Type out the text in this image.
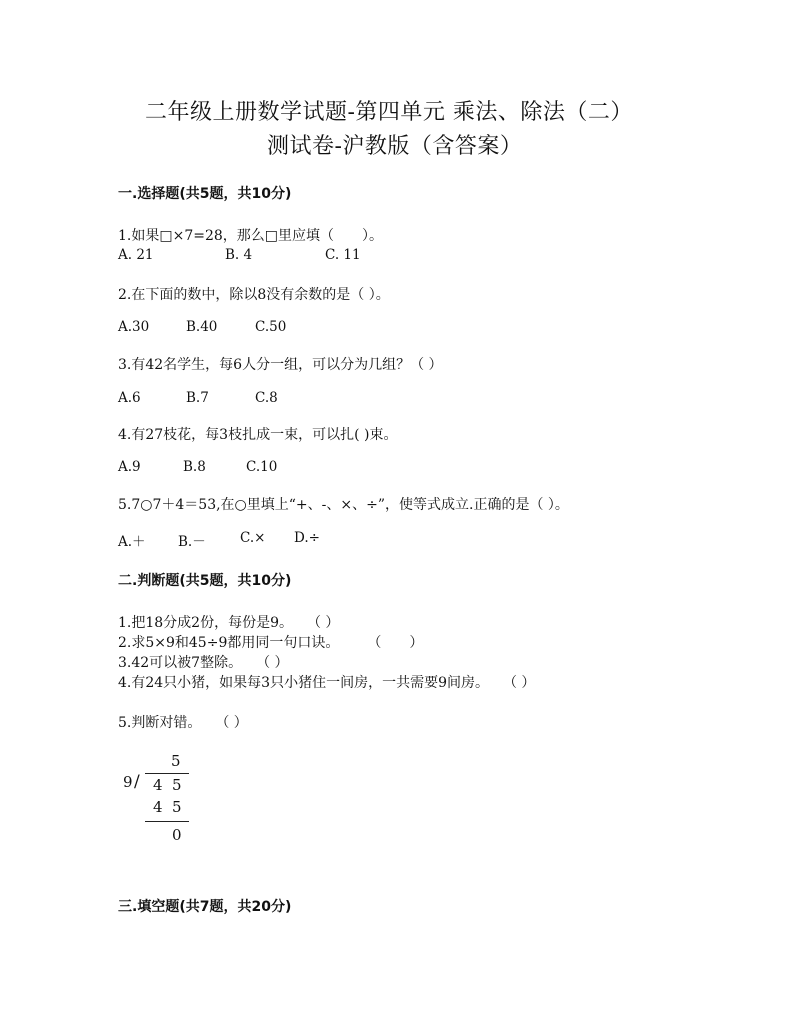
二年级上册数学试题-第四单元 乘法、除法（二）
测试卷-沪教版（含答案）
一.选择题(共5题，共10分)
1.如果□×7=28，那么□里应填（　　）。
A. 21	B. 4	C. 11
2.在下面的数中，除以8没有余数的是（ ）。
A.30	B.40	C.50
3.有42名学生，每6人分一组，可以分为几组？（ ）
A.6	B.7	C.8
4.有27枝花，每3枝扎成一束，可以扎( )束。
A.9	B.8	C.10
5.7○7＋4＝53,在○里填上“+、-、×、÷”，使等式成立.正确的是（ ）。
A.＋ B.－	C.× D.÷
二.判断题(共5题，共10分)
1.把18分成2份，每份是9。　　（ ）
2.求5×9和45÷9都用同一句口诀。　　　（　　）
3.42可以被7整除。　　（ ）
4.有24只小猪，如果每3只小猪住一间房，一共需要9间房。　　（ ）
5.判断对错。　　（ ）
5
9 / 4 5
4 5
0
三.填空题(共7题，共20分)
